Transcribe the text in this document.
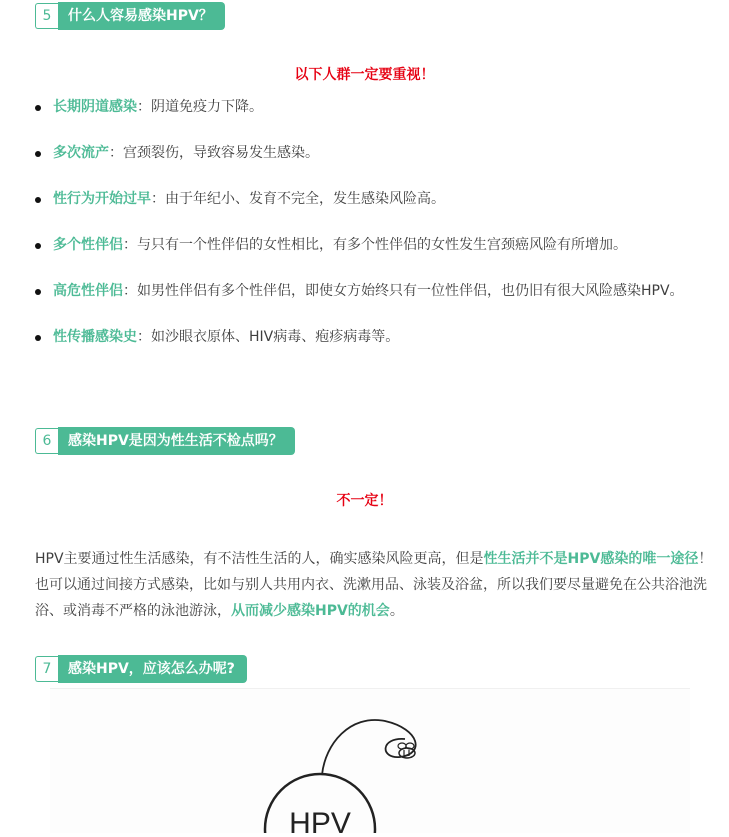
5	什么人容易感染HPV？
以下人群一定要重视！
长期阴道感染：阴道免疫力下降。
多次流产：宫颈裂伤，导致容易发生感染。
性行为开始过早：由于年纪小、发育不完全，发生感染风险高。
多个性伴侣：与只有一个性伴侣的女性相比，有多个性伴侣的女性发生宫颈癌风险有所增加。
高危性伴侣：如男性伴侣有多个性伴侣，即使女方始终只有一位性伴侣，也仍旧有很大风险感染HPV。
性传播感染史：如沙眼衣原体、HIV病毒、疱疹病毒等。
6	感染HPV是因为性生活不检点吗？
不一定！

HPV主要通过性生活感染，有不洁性生活的人，确实感染风险更高，但是性生活并不是HPV感染的唯一途径！也可以通过间接方式感染，比如与别人共用内衣、洗漱用品、泳装及浴盆，所以我们要尽量避免在公共浴池洗浴、或消毒不严格的泳池游泳，从而减少感染HPV的机会。

7	感染HPV，应该怎么办呢?
HPV
